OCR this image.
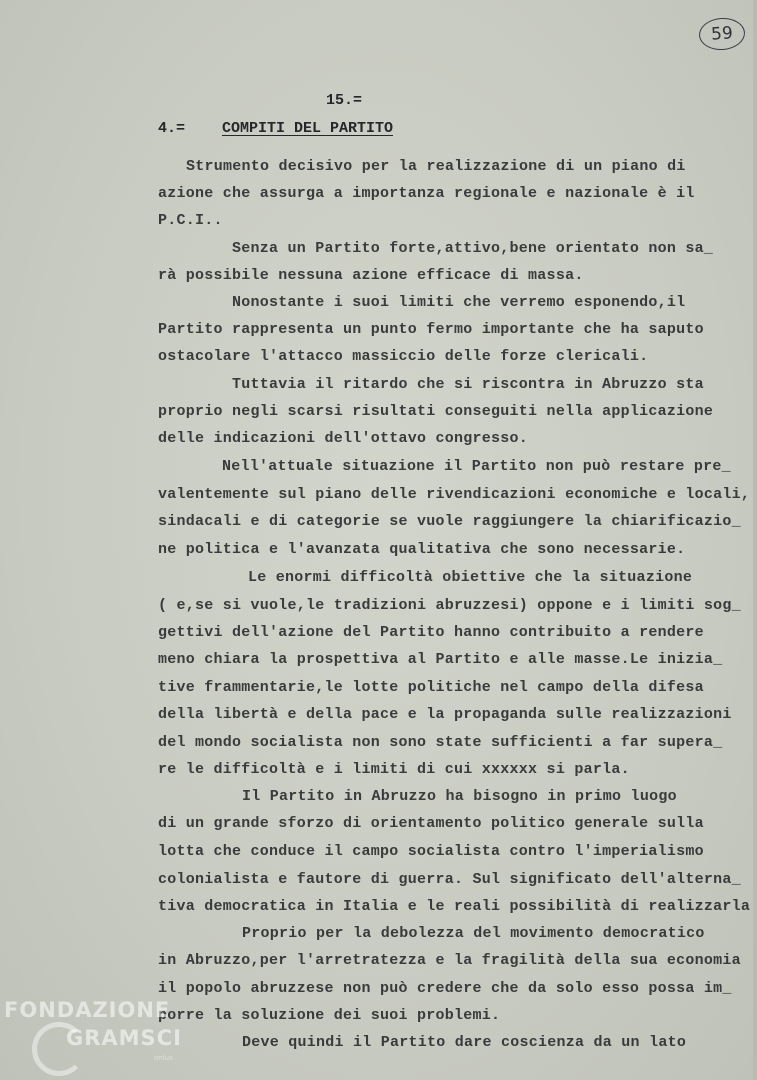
59
15.=
4.= COMPITI DEL PARTITO
Strumento decisivo per la realizzazione di un piano di
azione che assurga a importanza regionale e nazionale è il
P.C.I..
Senza un Partito forte,attivo,bene orientato non sa_
rà possibile nessuna azione efficace di massa.
Nonostante i suoi limiti che verremo esponendo,il
Partito rappresenta un punto fermo importante che ha saputo
ostacolare l'attacco massiccio delle forze clericali.
Tuttavia il ritardo che si riscontra in Abruzzo sta
proprio negli scarsi risultati conseguiti nella applicazione
delle indicazioni dell'ottavo congresso.
Nell'attuale situazione il Partito non può restare pre_
valentemente sul piano delle rivendicazioni economiche e locali,
sindacali e di categorie se vuole raggiungere la chiarificazio_
ne politica e l'avanzata qualitativa che sono necessarie.
Le enormi difficoltà obiettive che la situazione
( e,se si vuole,le tradizioni abruzzesi) oppone e i limiti sog_
gettivi dell'azione del Partito hanno contribuito a rendere
meno chiara la prospettiva al Partito e alle masse.Le inizia_
tive frammentarie,le lotte politiche nel campo della difesa
della libertà e della pace e la propaganda sulle realizzazioni
del mondo socialista non sono state sufficienti a far supera_
re le difficoltà e i limiti di cui xxxxxx si parla.
Il Partito in Abruzzo ha bisogno in primo luogo
di un grande sforzo di orientamento politico generale sulla
lotta che conduce il campo socialista contro l'imperialismo
colonialista e fautore di guerra. Sul significato dell'alterna_
tiva democratica in Italia e le reali possibilità di realizzarla
Proprio per la debolezza del movimento democratico
in Abruzzo,per l'arretratezza e la fragilità della sua economia
il popolo abruzzese non può credere che da solo esso possa im_
porre la soluzione dei suoi problemi.
Deve quindi il Partito dare coscienza da un lato
FONDAZIONE
GRAMSCI
onlus
